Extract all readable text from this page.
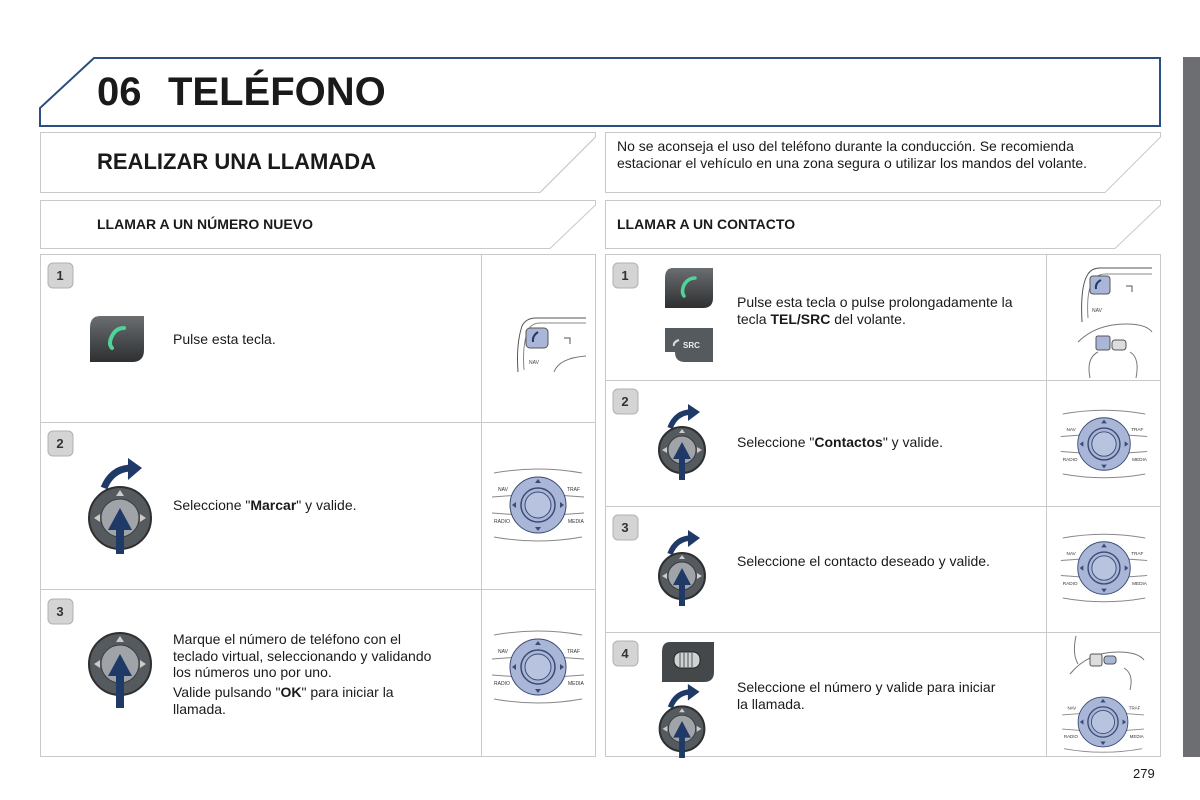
06 TELÉFONO
REALIZAR UNA LLAMADA
No se aconseja el uso del teléfono durante la conducción. Se recomienda estacionar el vehículo en una zona segura o utilizar los mandos del volante.
LLAMAR A UN NÚMERO NUEVO	LLAMAR A UN CONTACTO
1
Pulse esta tecla.
NAV
2
Seleccione "Marcar" y valide.
NAV	TRAF
RADIO	MEDIA
3
Marque el número de teléfono con el teclado virtual, seleccionando y validando los números uno por uno.
Valide pulsando "OK" para iniciar la llamada.
NAV	TRAF
RADIO	MEDIA
1
SRC
Pulse esta tecla o pulse prolongadamente la tecla TEL/SRC del volante.	NAV
2
Seleccione "Contactos" y valide.
NAV	TRAF
RADIO	MEDIA
3
Seleccione el contacto deseado y valide.	NAV	TRAF
RADIO	MEDIA
4
Seleccione el número y valide para iniciar la llamada.	NAV	TRAF
RADIO	MEDIA
279
